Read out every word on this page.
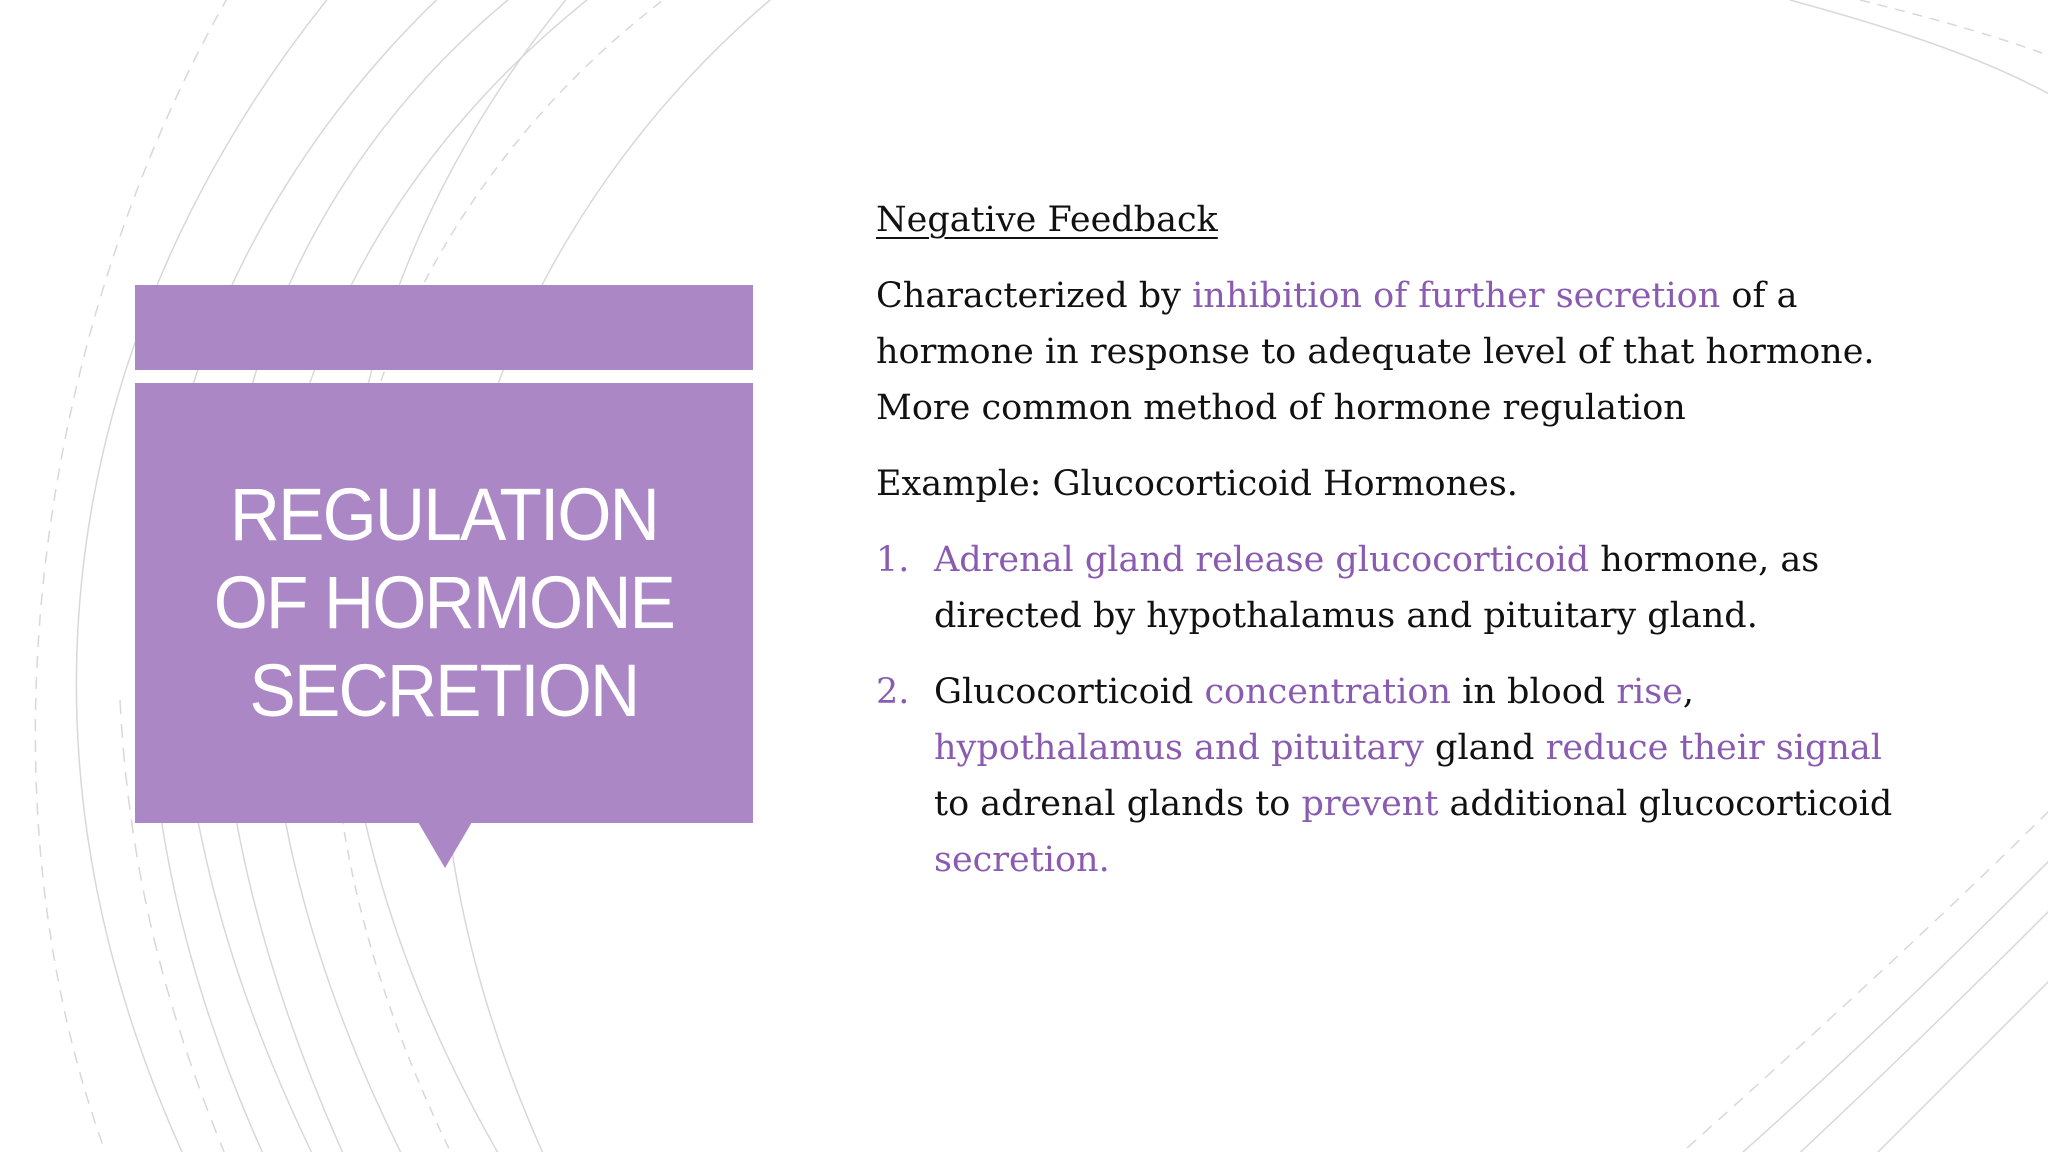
REGULATION
OF HORMONE
SECRETION

Negative Feedback

Characterized by inhibition of further secretion of a hormone in response to adequate level of that hormone. More common method of hormone regulation

Example: Glucocorticoid Hormones.

1. Adrenal gland release glucocorticoid hormone, as directed by hypothalamus and pituitary gland.
2. Glucocorticoid concentration in blood rise, hypothalamus and pituitary gland reduce their signal to adrenal glands to prevent additional glucocorticoid secretion.
